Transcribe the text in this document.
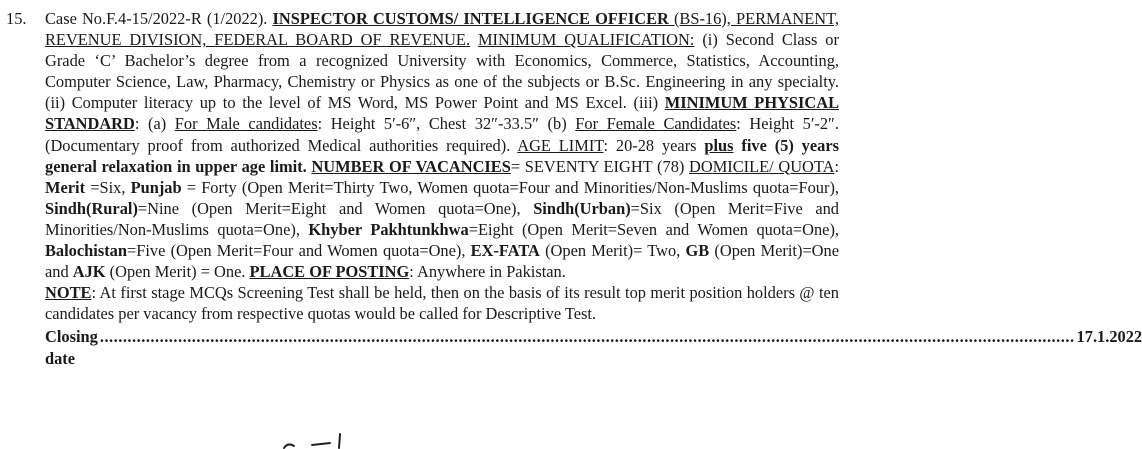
15. Case No.F.4-15/2022-R (1/2022). INSPECTOR CUSTOMS/ INTELLIGENCE OFFICER (BS-16), PERMANENT, REVENUE DIVISION, FEDERAL BOARD OF REVENUE. MINIMUM QUALIFICATION: (i) Second Class or Grade ‘C’ Bachelor’s degree from a recognized University with Economics, Commerce, Statistics, Accounting, Computer Science, Law, Pharmacy, Chemistry or Physics as one of the subjects or B.Sc. Engineering in any specialty. (ii) Computer literacy up to the level of MS Word, MS Power Point and MS Excel. (iii) MINIMUM PHYSICAL STANDARD: (a) For Male candidates: Height 5′-6″, Chest 32″-33.5″ (b) For Female Candidates: Height 5′-2″. (Documentary proof from authorized Medical authorities required). AGE LIMIT: 20-28 years plus five (5) years general relaxation in upper age limit. NUMBER OF VACANCIES= SEVENTY EIGHT (78) DOMICILE/ QUOTA: Merit =Six, Punjab = Forty (Open Merit=Thirty Two, Women quota=Four and Minorities/Non-Muslims quota=Four), Sindh(Rural)=Nine (Open Merit=Eight and Women quota=One), Sindh(Urban)=Six (Open Merit=Five and Minorities/Non-Muslims quota=One), Khyber Pakhtunkhwa=Eight (Open Merit=Seven and Women quota=One), Balochistan=Five (Open Merit=Four and Women quota=One), EX-FATA (Open Merit)= Two, GB (Open Merit)=One and AJK (Open Merit) = One. PLACE OF POSTING: Anywhere in Pakistan.

NOTE: At first stage MCQs Screening Test shall be held, then on the basis of its result top merit position holders @ ten candidates per vacancy from respective quotas would be called for Descriptive Test.

Closing date
.................................................................................................................................................................................................................... 17.1.2022
